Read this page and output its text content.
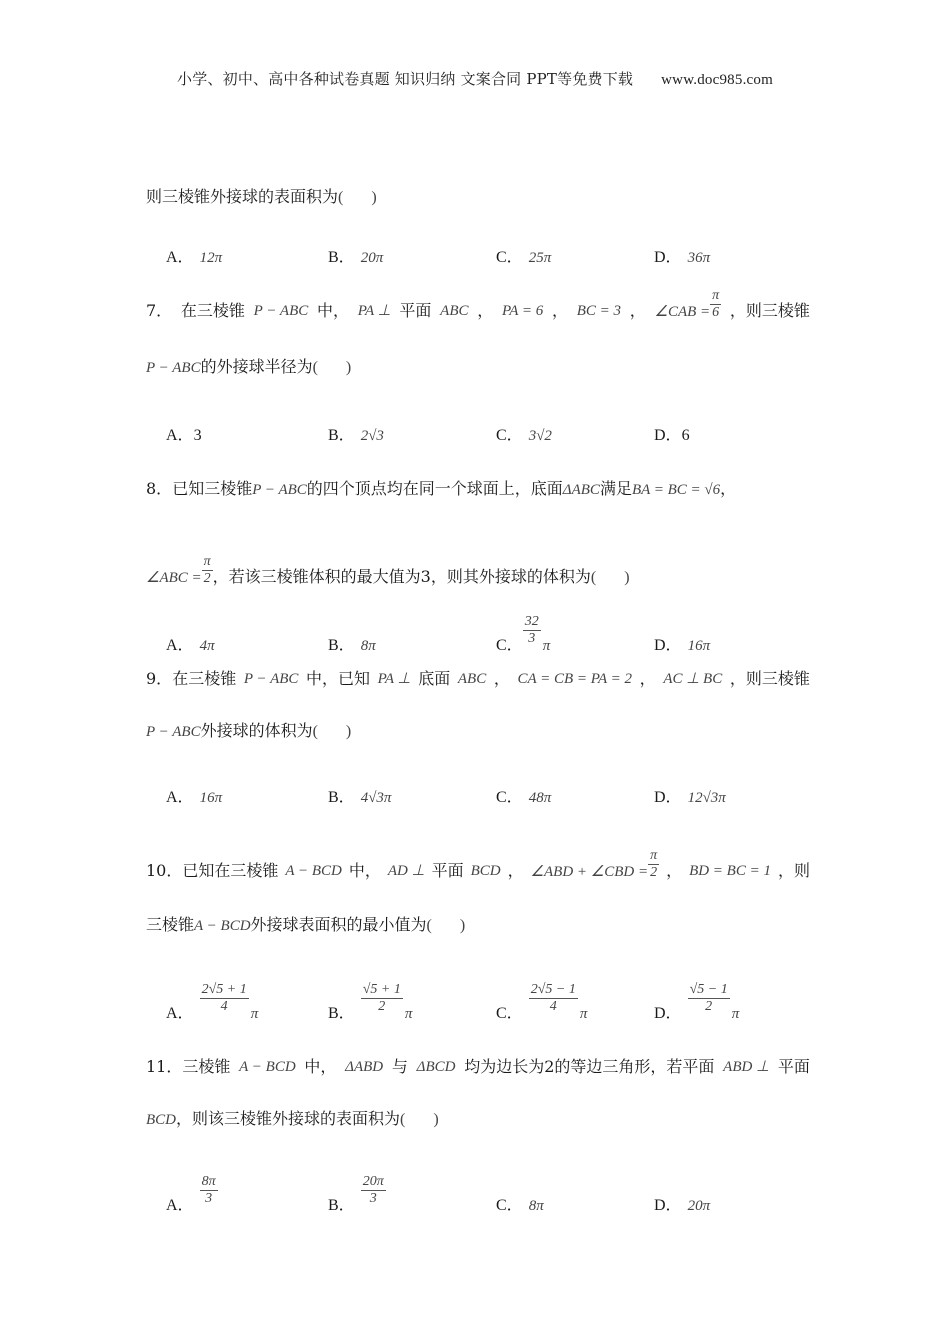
小学、初中、高中各种试卷真题 知识归纳 文案合同 PPT等免费下载 www.doc985.com
则三棱锥外接球的表面积为( )
A． 12π	B． 20π	C． 25π	D． 36π
7． 在三棱锥 P − ABC 中， PA ⊥ 平面 ABC ， PA = 6 ， BC = 3 ， ∠CAB = $\frac{\pi}{6}$ ，则三棱锥
P − ABC的外接球半径为( )
A．3	B． 2√3	C． 3√2	D．6
8．已知三棱锥P − ABC的四个顶点均在同一个球面上，底面ΔABC满足BA = BC = √6，
∠ABC = $\frac{\pi}{2}$ ，若该三棱锥体积的最大值为3，则其外接球的体积为( )
A． 4π	B． 8π	C． $\frac{32}{3}$ π	D． 16π
9．在三棱锥 P − ABC 中，已知 PA ⊥ 底面 ABC ， CA = CB = PA = 2 ， AC ⊥ BC ，则三棱锥
P − ABC外接球的体积为( )
A． 16π	B． 4√3π	C． 48π	D． 12√3π
10．已知在三棱锥 A − BCD 中， AD ⊥ 平面 BCD ， ∠ABD + ∠CBD = $\frac{\pi}{2}$ ， BD = BC = 1 ，则
三棱锥A − BCD外接球表面积的最小值为( )
A． $\frac{2√5 + 1}{4}$ π	B． $\frac{√5 + 1}{2}$ π	C． $\frac{2√5 - 1}{4}$ π	D． $\frac{√5 - 1}{2}$ π
11．三棱锥 A − BCD 中， ΔABD 与 ΔBCD 均为边长为2的等边三角形，若平面 ABD ⊥ 平面
BCD，则该三棱锥外接球的表面积为( )
A． $\frac{8\pi}{3}$	B． $\frac{20\pi}{3}$	C． 8π	D． 20π
